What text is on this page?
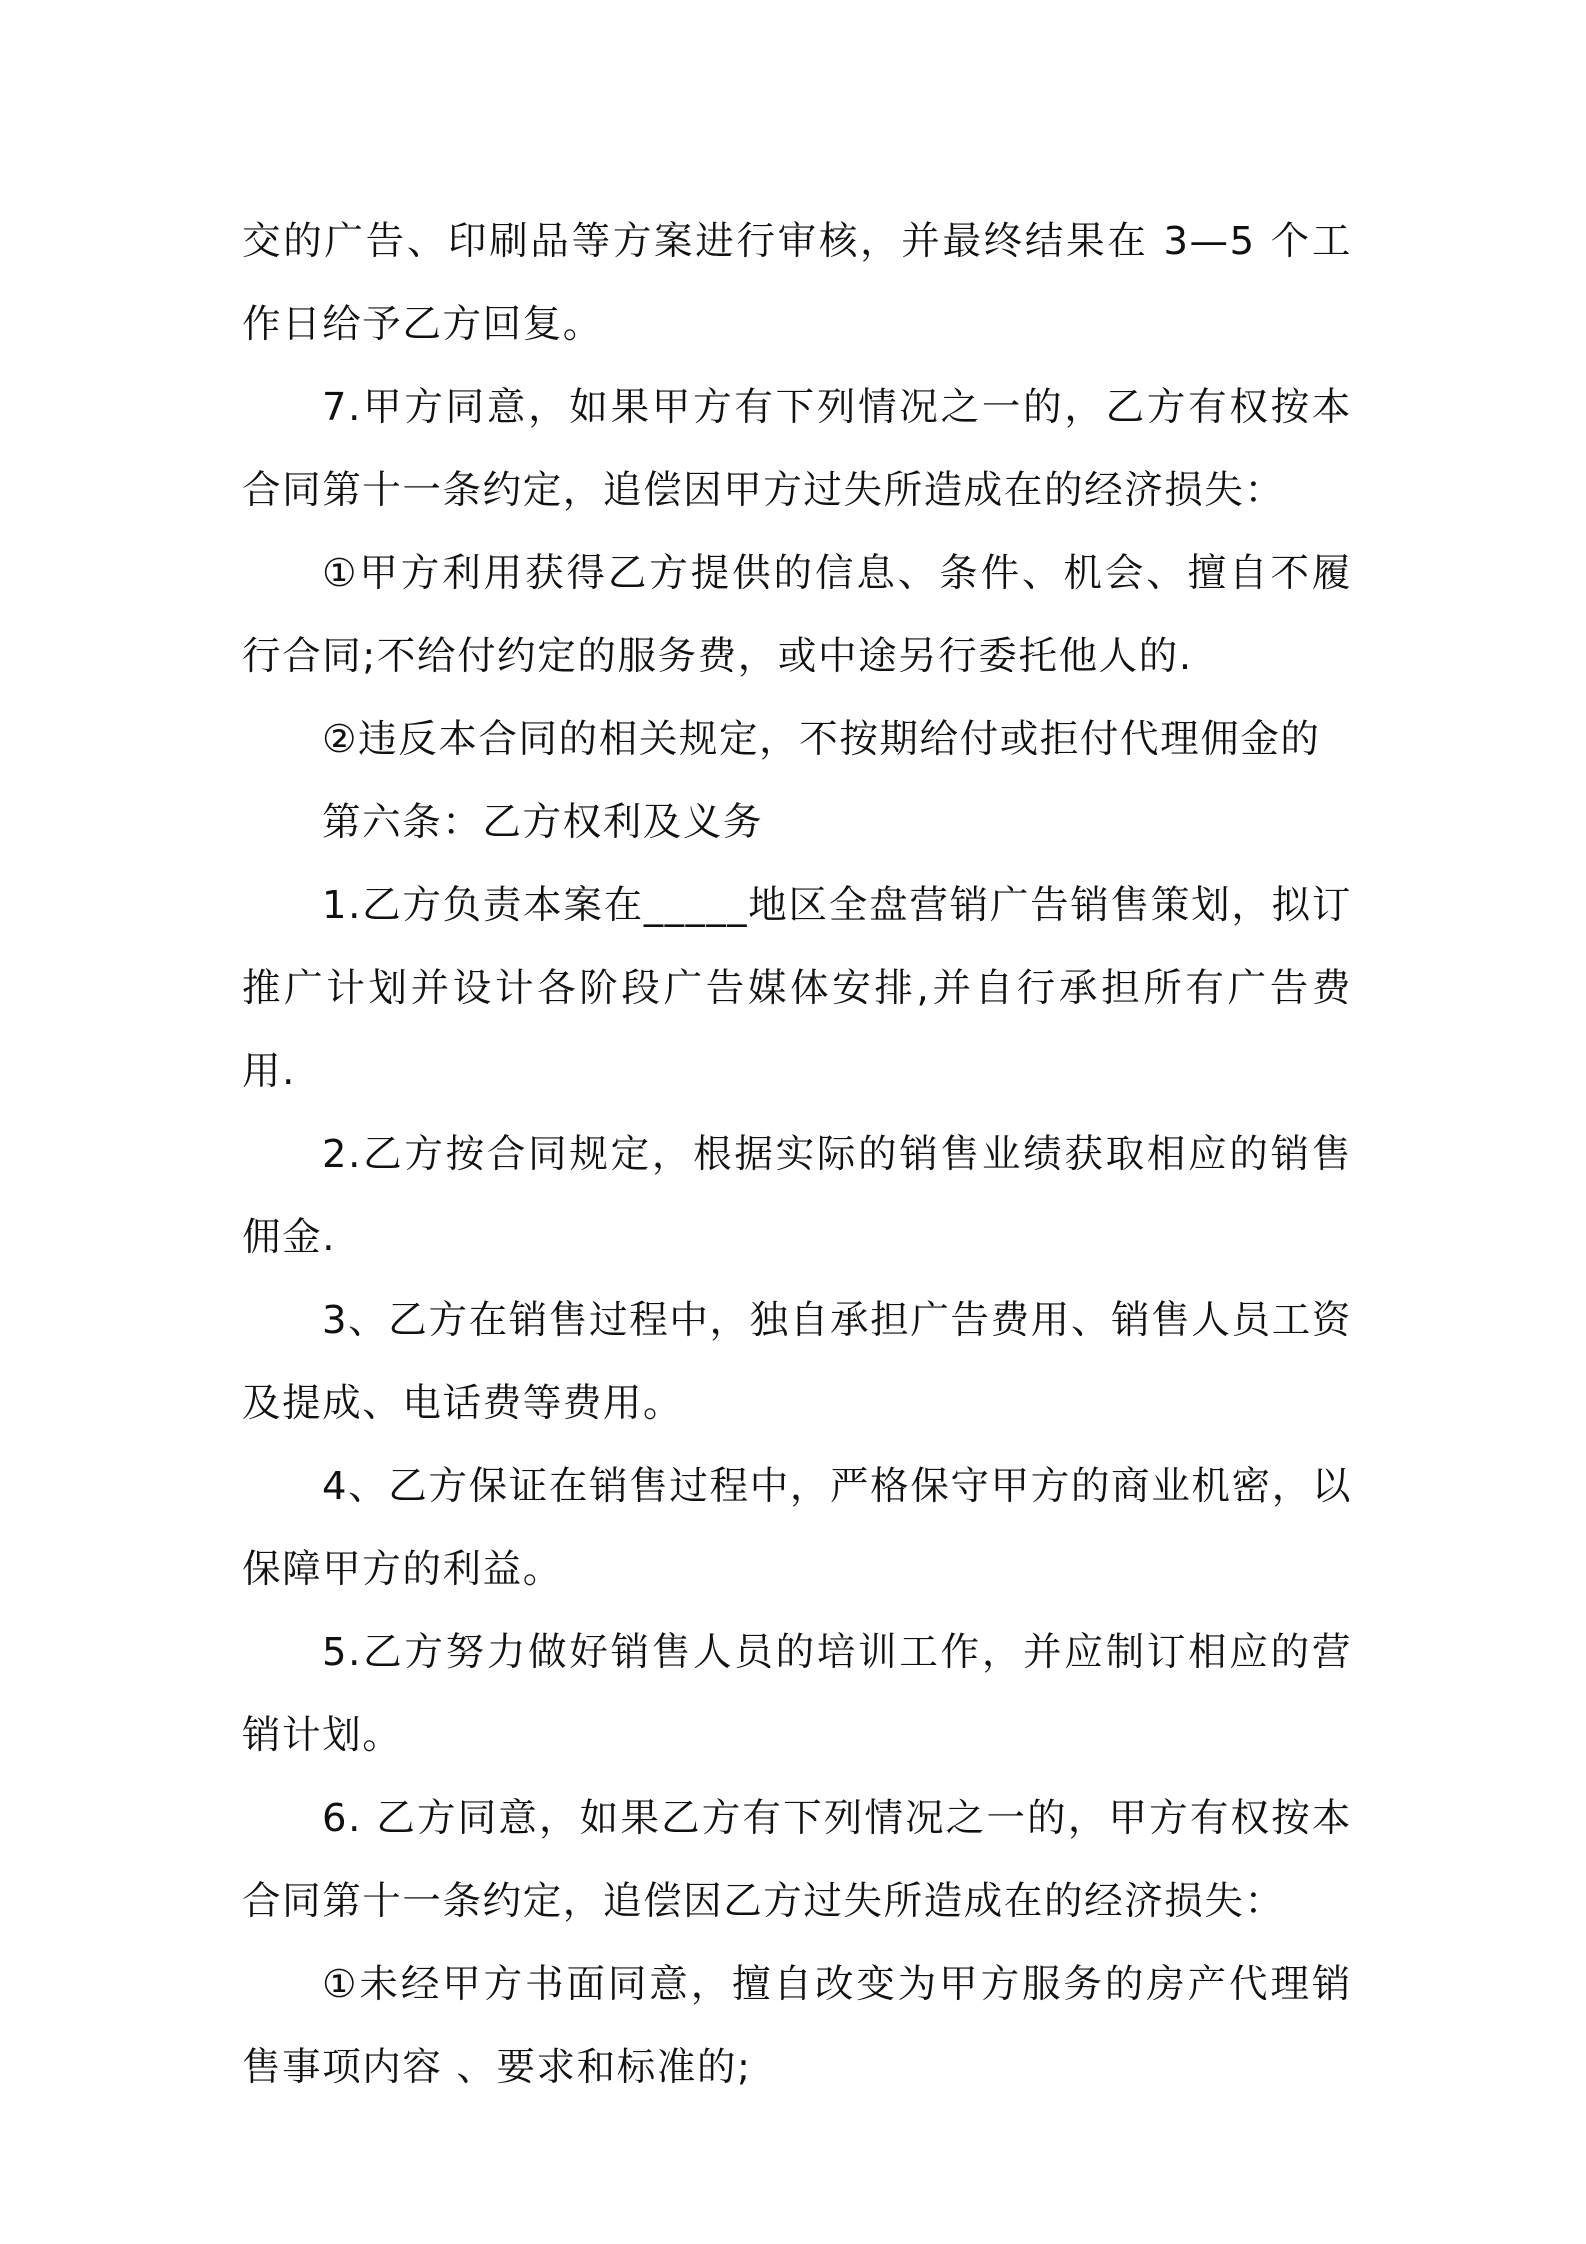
交的广告、印刷品等方案进行审核，并最终结果在 3—5 个工作日给予乙方回复。

7.甲方同意，如果甲方有下列情况之一的，乙方有权按本合同第十一条约定，追偿因甲方过失所造成在的经济损失：

①甲方利用获得乙方提供的信息、条件、机会、擅自不履行合同;不给付约定的服务费，或中途另行委托他人的.

②违反本合同的相关规定，不按期给付或拒付代理佣金的

第六条：乙方权利及义务

1.乙方负责本案在_____地区全盘营销广告销售策划，拟订推广计划并设计各阶段广告媒体安排,并自行承担所有广告费用.

2.乙方按合同规定，根据实际的销售业绩获取相应的销售佣金.

3、乙方在销售过程中，独自承担广告费用、销售人员工资及提成、电话费等费用。

4、乙方保证在销售过程中，严格保守甲方的商业机密，以保障甲方的利益。

5.乙方努力做好销售人员的培训工作，并应制订相应的营销计划。

6. 乙方同意，如果乙方有下列情况之一的，甲方有权按本合同第十一条约定，追偿因乙方过失所造成在的经济损失：

①未经甲方书面同意，擅自改变为甲方服务的房产代理销售事项内容 、要求和标准的;
